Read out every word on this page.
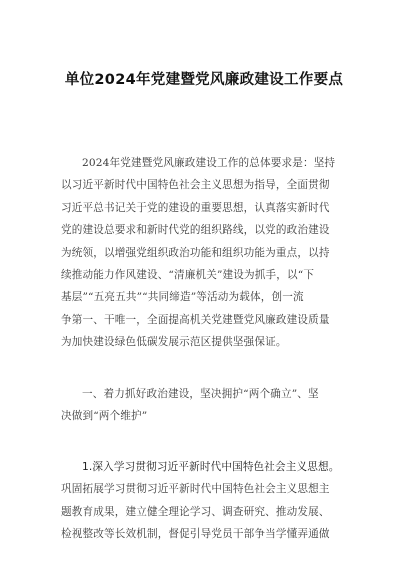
单位2024年党建暨党风廉政建设工作要点

2024年党建暨党风廉政建设工作的总体要求是：坚持
以习近平新时代中国特色社会主义思想为指导，全面贯彻
习近平总书记关于党的建设的重要思想，认真落实新时代
党的建设总要求和新时代党的组织路线，以党的政治建设
为统领，以增强党组织政治功能和组织功能为重点，以持
续推动能力作风建设、“清廉机关”建设为抓手，以“下
基层”“五亮五共”“共同缔造”等活动为载体，创一流
争第一、干唯一，全面提高机关党建暨党风廉政建设质量
为加快建设绿色低碳发展示范区提供坚强保证。

一、着力抓好政治建设，坚决拥护“两个确立”、坚
决做到“两个维护”

1.深入学习贯彻习近平新时代中国特色社会主义思想。
巩固拓展学习贯彻习近平新时代中国特色社会主义思想主
题教育成果，建立健全理论学习、调查研究、推动发展、
检视整改等长效机制，督促引导党员干部争当学懂弄通做
